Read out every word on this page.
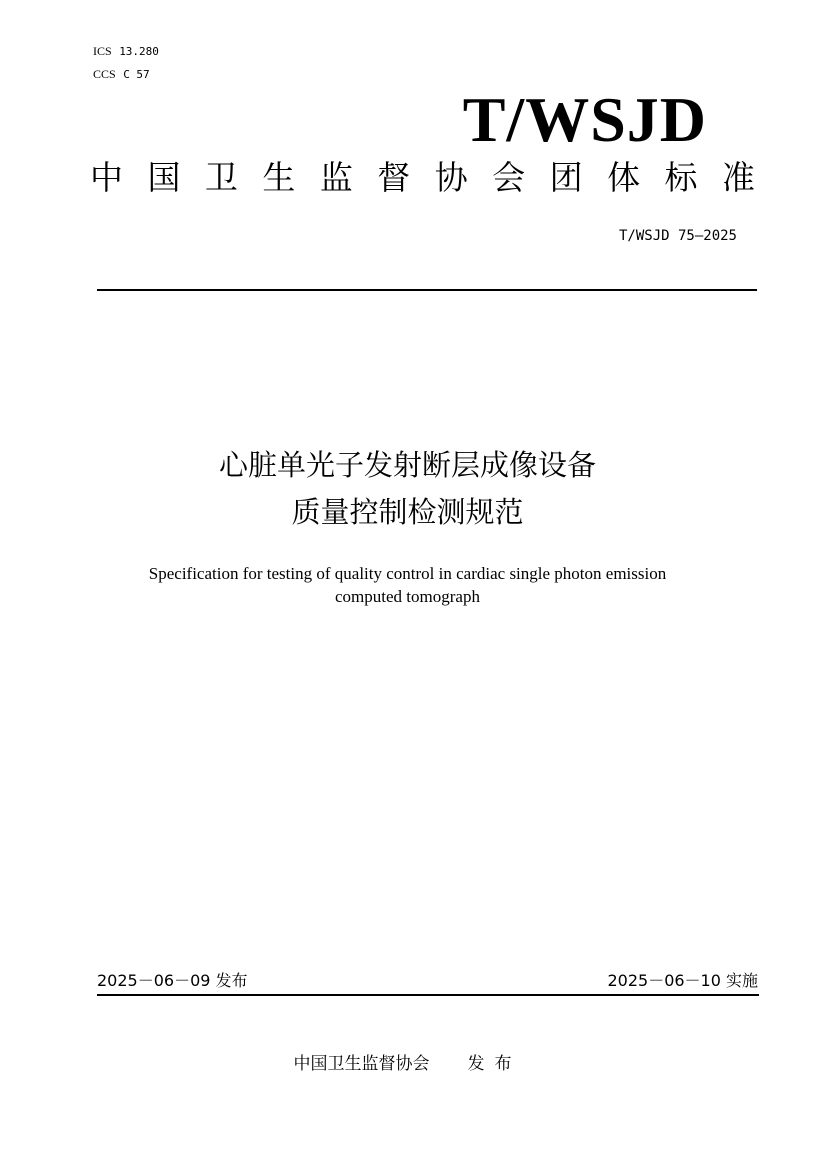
ICS 13.280
CCS C 57
T/WSJD
中 国 卫 生 监 督 协 会 团 体 标 准
T/WSJD 75—2025
心脏单光子发射断层成像设备
质量控制检测规范
Specification for testing of quality control in cardiac single photon emission
computed tomograph
2025－06－09 发布	2025－06－10 实施
中国卫生监督协会 发布
